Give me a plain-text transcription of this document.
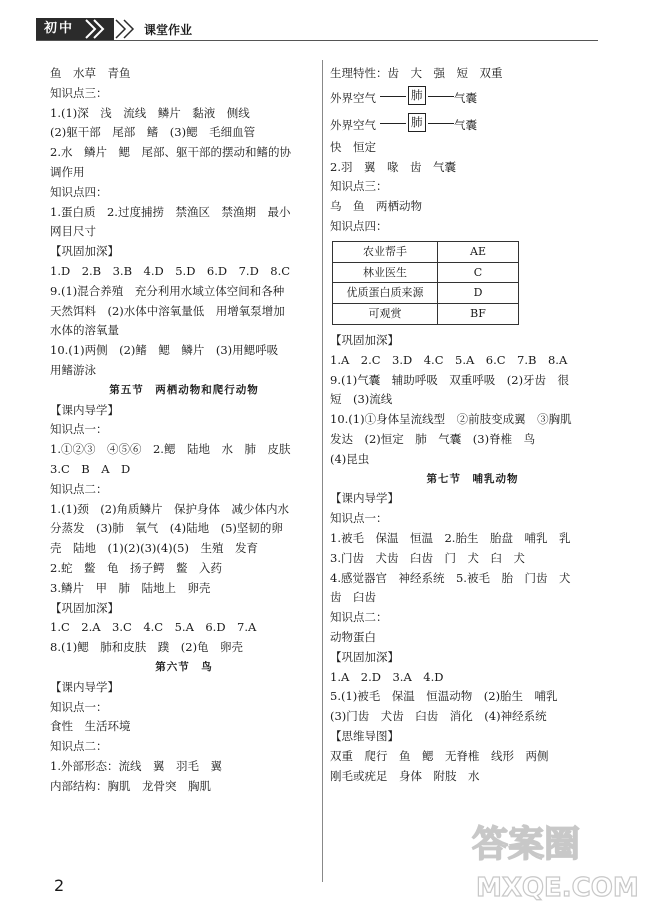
初中	课堂作业
鱼　水草　青鱼
知识点三：
1.(1)深　浅　流线　鳞片　黏液　侧线
(2)躯干部　尾部　鳍　(3)鳃　毛细血管
2.水　鳞片　鳃　尾部、躯干部的摆动和鳍的协
调作用
知识点四：
1.蛋白质　2.过度捕捞　禁渔区　禁渔期　最小
网目尺寸
【巩固加深】
1.D　2.B　3.B　4.D　5.D　6.D　7.D　8.C
9.(1)混合养殖　充分利用水域立体空间和各种
天然饵料　(2)水体中溶氧量低　用增氧泵增加
水体的溶氧量
10.(1)两侧　(2)鳍　鳃　鳞片　(3)用鳃呼吸
用鳍游泳
第五节　两栖动物和爬行动物
【课内导学】
知识点一：
1.①②③　④⑤⑥　2.鳃　陆地　水　肺　皮肤
3.C　B　A　D
知识点二：
1.(1)颈　(2)角质鳞片　保护身体　减少体内水
分蒸发　(3)肺　氧气　(4)陆地　(5)坚韧的卵
壳　陆地　(1)(2)(3)(4)(5)　生殖　发育
2.蛇　鳖　龟　扬子鳄　鳖　入药
3.鳞片　甲　肺　陆地上　卵壳
【巩固加深】
1.C　2.A　3.C　4.C　5.A　6.D　7.A
8.(1)鳃　肺和皮肤　蹼　(2)龟　卵壳
第六节　鸟
【课内导学】
知识点一：
食性　生活环境
知识点二：
1.外部形态：流线　翼　羽毛　翼
内部结构：胸肌　龙骨突　胸肌
生理特性：齿　大　强　短　双重
外界空气	肺	气囊
外界空气	肺	气囊
快　恒定
2.羽　翼　喙　齿　气囊
知识点三：
乌　鱼　两栖动物
知识点四：
农业帮手	AE
林业医生	C
优质蛋白质来源	D
可观赏	BF
【巩固加深】
1.A　2.C　3.D　4.C　5.A　6.C　7.B　8.A
9.(1)气囊　辅助呼吸　双重呼吸　(2)牙齿　很
短　(3)流线
10.(1)①身体呈流线型　②前肢变成翼　③胸肌
发达　(2)恒定　肺　气囊　(3)脊椎　鸟
(4)昆虫
第七节　哺乳动物
【课内导学】
知识点一：
1.被毛　保温　恒温　2.胎生　胎盘　哺乳　乳
3.门齿　犬齿　臼齿　门　犬　臼　犬
4.感觉器官　神经系统　5.被毛　胎　门齿　犬
齿　臼齿
知识点二：
动物蛋白
【巩固加深】
1.A　2.D　3.A　4.D
5.(1)被毛　保温　恒温动物　(2)胎生　哺乳
(3)门齿　犬齿　臼齿　消化　(4)神经系统
【思维导图】
双重　爬行　鱼　鳃　无脊椎　线形　两侧
刚毛或疣足　身体　附肢　水
2
答案圈
MXQE.COM
